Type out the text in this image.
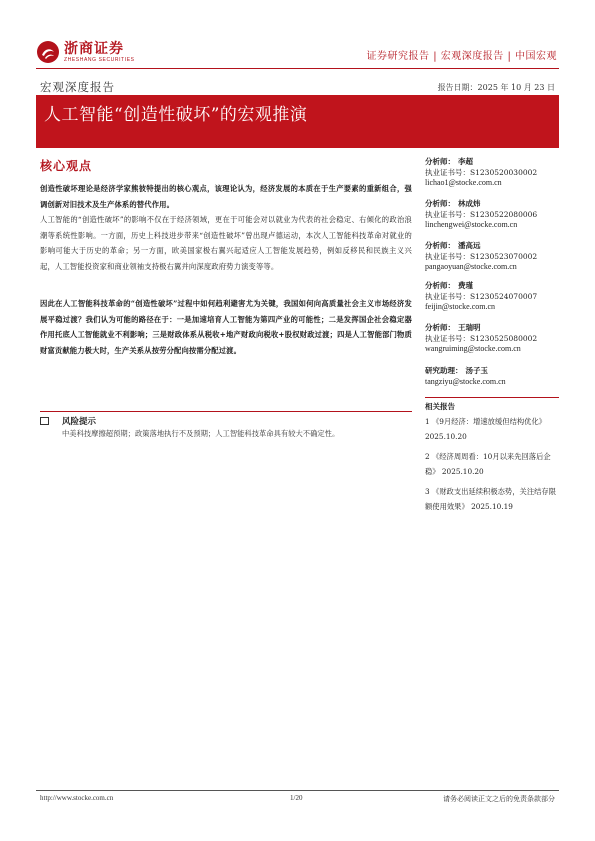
浙商证券
ZHESHANG SECURITIES	证券研究报告 | 宏观深度报告 | 中国宏观
宏观深度报告	报告日期：2025 年 10 月 23 日
人工智能“创造性破坏”的宏观推演
核心观点
创造性破坏理论是经济学家熊彼特提出的核心观点，该理论认为，经济发展的本质在于生产要素的重新组合，强调创新对旧技术及生产体系的替代作用。
人工智能的“创造性破坏”的影响不仅在于经济领域，更在于可能会对以就业为代表的社会稳定、右倾化的政治浪潮等系统性影响。一方面，历史上科技进步带来“创造性破坏”曾出现卢德运动，本次人工智能科技革命对就业的影响可能大于历史的革命；另一方面，欧美国家极右翼兴起适应人工智能发展趋势，例如反移民和民族主义兴起，人工智能投资家和商业领袖支持极右翼并向深度政府势力演变等等。
因此在人工智能科技革命的“创造性破坏”过程中如何趋利避害尤为关键，我国如何向高质量社会主义市场经济发展平稳过渡？我们认为可能的路径在于：一是加速培育人工智能为第四产业的可能性；二是发挥国企社会稳定器作用托底人工智能就业不利影响；三是财政体系从税收+地产财政向税收+股权财政过渡；四是人工智能部门物质财富贡献能力极大时，生产关系从按劳分配向按需分配过渡。
风险提示
中美科技摩擦超预期；政策落地执行不及预期；人工智能科技革命具有较大不确定性。
分析师： 李超
执业证书号：S1230520030002
lichao1@stocke.com.cn
分析师： 林成炜
执业证书号：S1230522080006
linchengwei@stocke.com.cn
分析师： 潘高远
执业证书号：S1230523070002
pangaoyuan@stocke.com.cn
分析师： 费瑾
执业证书号：S1230524070007
feijin@stocke.com.cn
分析师： 王瑞明
执业证书号：S1230525080002
wangruiming@stocke.com.cn
研究助理： 汤子玉
tangziyu@stocke.com.cn
相关报告
1 《9月经济：增速放缓但结构优化》 2025.10.20
2 《经济周周看：10月以来先回落后企稳》 2025.10.20
3 《财政支出延续积极态势，关注结存限额使用效果》 2025.10.19
http://www.stocke.com.cn	1/20	请务必阅读正文之后的免责条款部分
